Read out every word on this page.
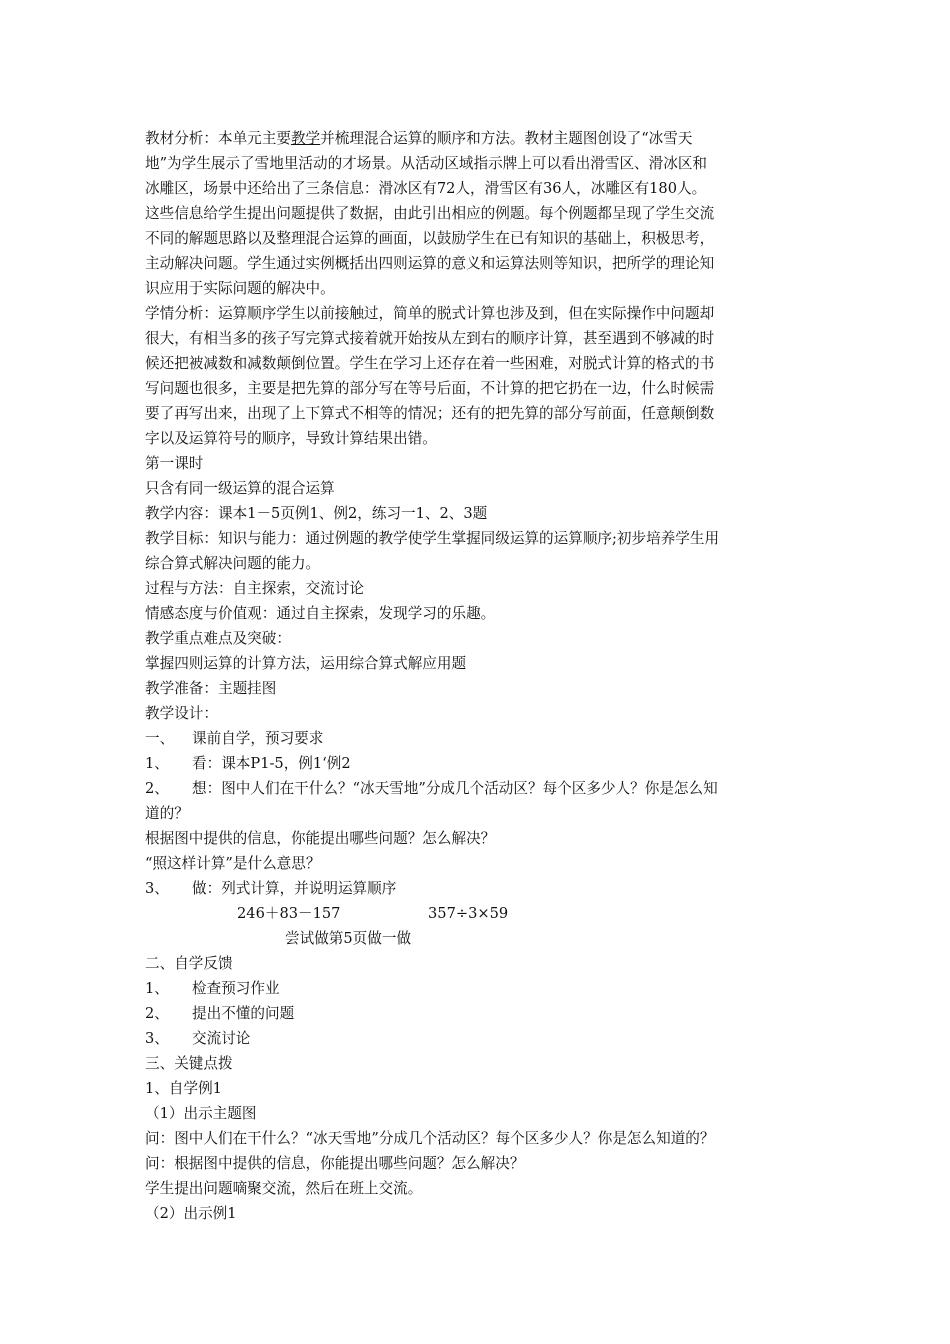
教材分析：本单元主要教学并梳理混合运算的顺序和方法。教材主题图创设了“冰雪天
地”为学生展示了雪地里活动的才场景。从活动区域指示牌上可以看出滑雪区、滑冰区和
冰雕区，场景中还给出了三条信息：滑冰区有72人，滑雪区有36人，冰雕区有180人。
这些信息给学生提出问题提供了数据，由此引出相应的例题。每个例题都呈现了学生交流
不同的解题思路以及整理混合运算的画面，以鼓励学生在已有知识的基础上，积极思考，
主动解决问题。学生通过实例概括出四则运算的意义和运算法则等知识，把所学的理论知
识应用于实际问题的解决中。
学情分析：运算顺序学生以前接触过，简单的脱式计算也涉及到，但在实际操作中问题却
很大，有相当多的孩子写完算式接着就开始按从左到右的顺序计算，甚至遇到不够减的时
候还把被减数和减数颠倒位置。学生在学习上还存在着一些困难，对脱式计算的格式的书
写问题也很多，主要是把先算的部分写在等号后面，不计算的把它扔在一边，什么时候需
要了再写出来，出现了上下算式不相等的情况；还有的把先算的部分写前面，任意颠倒数
字以及运算符号的顺序，导致计算结果出错。
第一课时
只含有同一级运算的混合运算
教学内容：课本1－5页例1、例2，练习一1、2、3题
教学目标：知识与能力：通过例题的教学使学生掌握同级运算的运算顺序;初步培养学生用
综合算式解决问题的能力。
过程与方法：自主探索，交流讨论
情感态度与价值观：通过自主探索，发现学习的乐趣。
教学重点难点及突破：
掌握四则运算的计算方法，运用综合算式解应用题
教学准备：主题挂图
教学设计：
一、 课前自学，预习要求
1、 看：课本P1-5，例1‘例2
2、 想：图中人们在干什么？“冰天雪地”分成几个活动区？每个区多少人？你是怎么知
道的？
根据图中提供的信息，你能提出哪些问题？怎么解决？
“照这样计算”是什么意思？
3、 做：列式计算，并说明运算顺序
246＋83－157	357÷3×59
尝试做第5页做一做
二、自学反馈
1、 检查预习作业
2、 提出不懂的问题
3、 交流讨论
三、关键点拨
1、自学例1
（1）出示主题图
问：图中人们在干什么？“冰天雪地”分成几个活动区？每个区多少人？你是怎么知道的？
问：根据图中提供的信息，你能提出哪些问题？怎么解决？
学生提出问题嘀聚交流，然后在班上交流。
（2）出示例1
